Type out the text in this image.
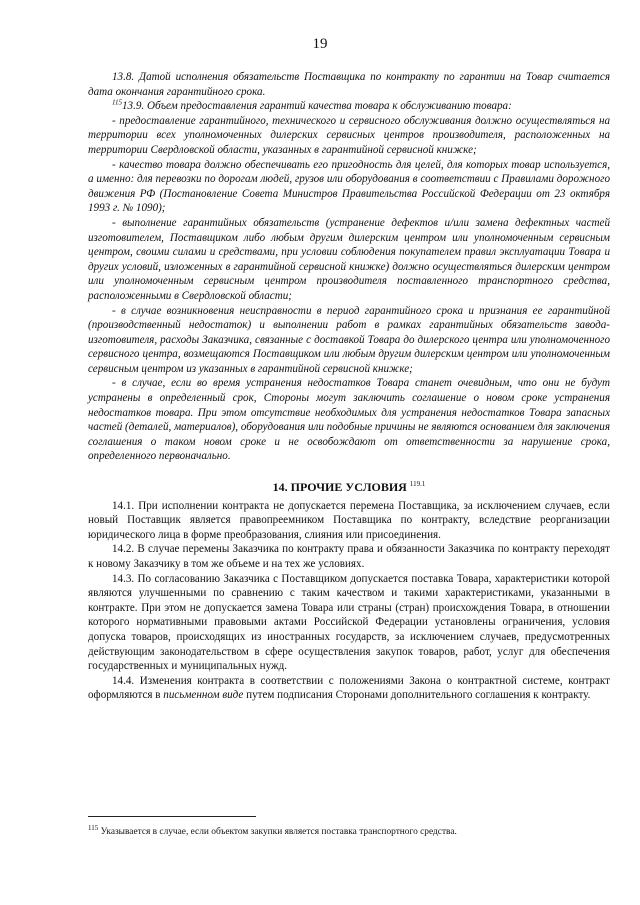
19

13.8. Датой исполнения обязательств Поставщика по контракту по гарантии на Товар считается дата окончания гарантийного срока.

$^{115}$13.9. Объем предоставления гарантий качества товара к обслуживанию товара:

- предоставление гарантийного, технического и сервисного обслуживания должно осуществляться на территории всех уполномоченных дилерских сервисных центров производителя, расположенных на территории Свердловской области, указанных в гарантийной сервисной книжке;

- качество товара должно обеспечивать его пригодность для целей, для которых товар используется, а именно: для перевозки по дорогам людей, грузов или оборудования в соответствии с Правилами дорожного движения РФ (Постановление Совета Министров Правительства Российской Федерации от 23 октября 1993 г. № 1090);

- выполнение гарантийных обязательств (устранение дефектов и/или замена дефектных частей изготовителем, Поставщиком либо любым другим дилерским центром или уполномоченным сервисным центром, своими силами и средствами, при условии соблюдения покупателем правил эксплуатации Товара и других условий, изложенных в гарантийной сервисной книжке) должно осуществляться дилерским центром или уполномоченным сервисным центром производителя поставленного транспортного средства, расположенными в Свердловской области;

- в случае возникновения неисправности в период гарантийного срока и признания ее гарантийной (производственный недостаток) и выполнении работ в рамках гарантийных обязательств завода-изготовителя, расходы Заказчика, связанные с доставкой Товара до дилерского центра или уполномоченного сервисного центра, возмещаются Поставщиком или любым другим дилерским центром или уполномоченным сервисным центром из указанных в гарантийной сервисной книжке;

- в случае, если во время устранения недостатков Товара станет очевидным, что они не будут устранены в определенный срок, Стороны могут заключить соглашение о новом сроке устранения недостатков товара. При этом отсутствие необходимых для устранения недостатков Товара запасных частей (деталей, материалов), оборудования или подобные причины не являются основанием для заключения соглашения о таком новом сроке и не освобождают от ответственности за нарушение срока, определенного первоначально.

14. ПРОЧИЕ УСЛОВИЯ $^{119.1}$

14.1. При исполнении контракта не допускается перемена Поставщика, за исключением случаев, если новый Поставщик является правопреемником Поставщика по контракту, вследствие реорганизации юридического лица в форме преобразования, слияния или присоединения.

14.2. В случае перемены Заказчика по контракту права и обязанности Заказчика по контракту переходят к новому Заказчику в том же объеме и на тех же условиях.

14.3. По согласованию Заказчика с Поставщиком допускается поставка Товара, характеристики которой являются улучшенными по сравнению с таким качеством и такими характеристиками, указанными в контракте. При этом не допускается замена Товара или страны (стран) происхождения Товара, в отношении которого нормативными правовыми актами Российской Федерации установлены ограничения, условия допуска товаров, происходящих из иностранных государств, за исключением случаев, предусмотренных действующим законодательством в сфере осуществления закупок товаров, работ, услуг для обеспечения государственных и муниципальных нужд.

14.4. Изменения контракта в соответствии с положениями Закона о контрактной системе, контракт оформляются в письменном виде путем подписания Сторонами дополнительного соглашения к контракту.

$^{115}$ Указывается в случае, если объектом закупки является поставка транспортного средства.
